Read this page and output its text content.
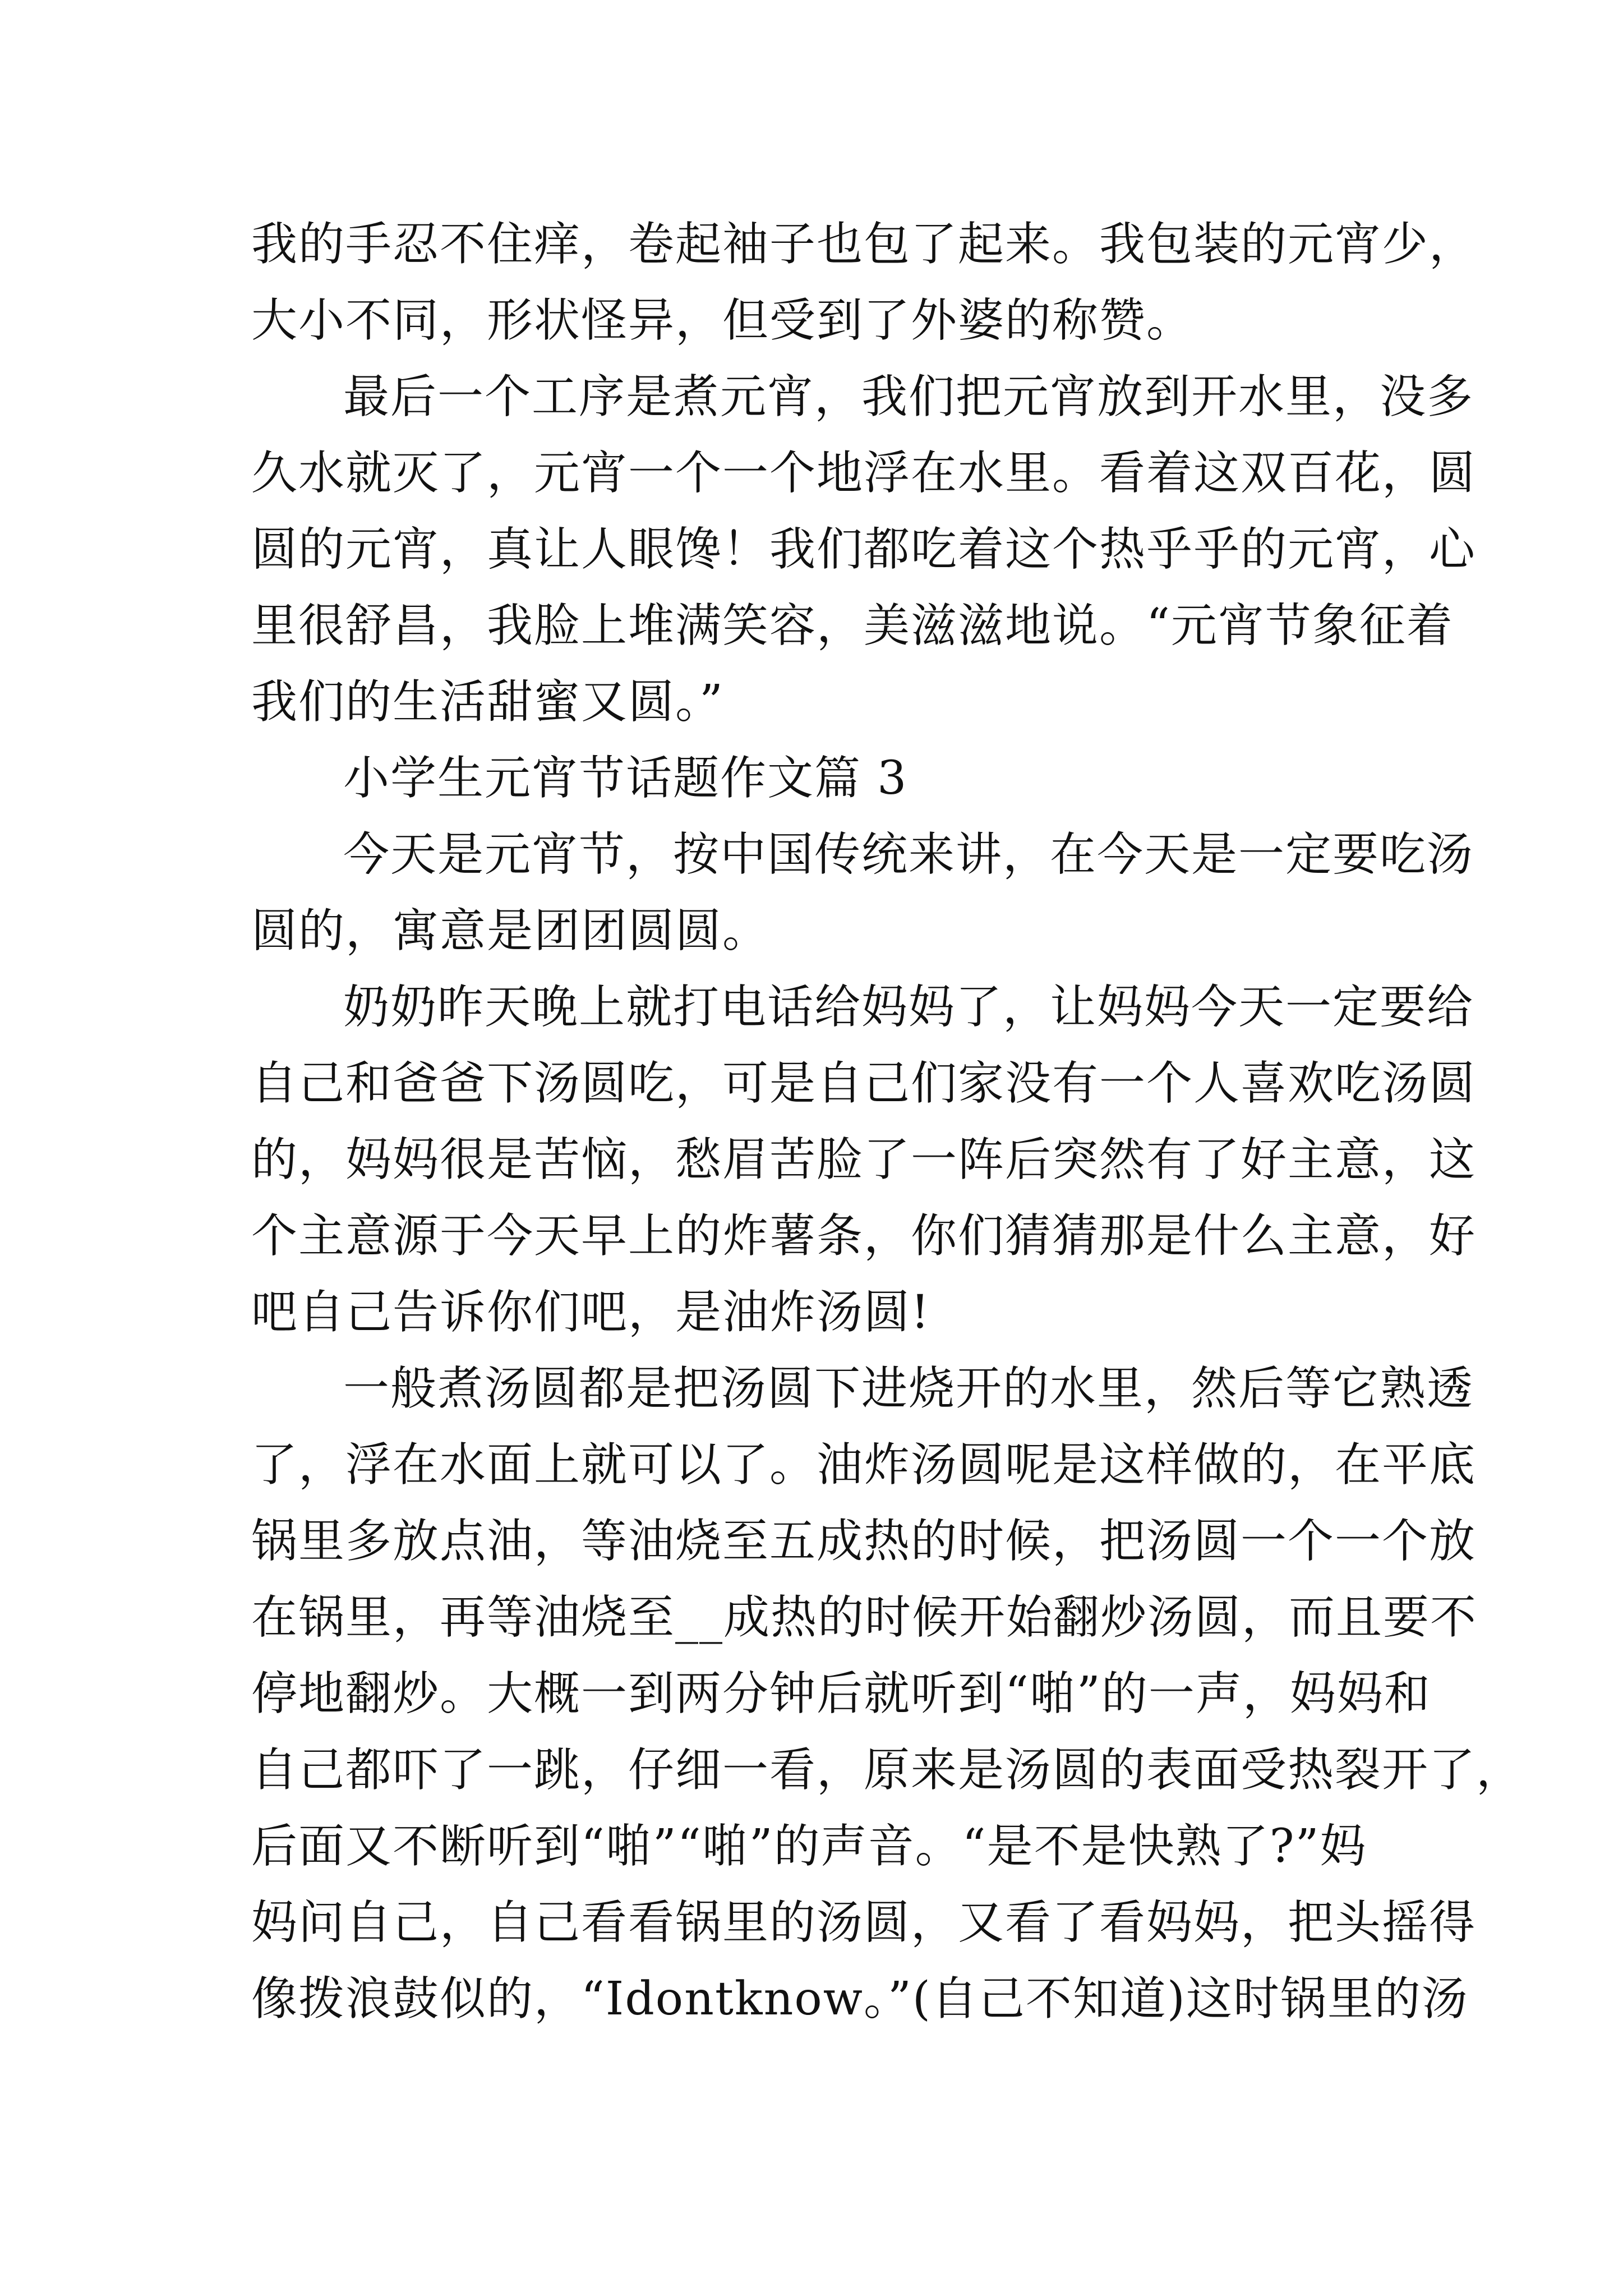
我的手忍不住痒，卷起袖子也包了起来。我包装的元宵少，
大小不同，形状怪异，但受到了外婆的称赞。
最后一个工序是煮元宵，我们把元宵放到开水里，没多
久水就灭了，元宵一个一个地浮在水里。看着这双百花，圆
圆的元宵，真让人眼馋！我们都吃着这个热乎乎的元宵，心
里很舒昌，我脸上堆满笑容，美滋滋地说。“元宵节象征着
我们的生活甜蜜又圆。”
小学生元宵节话题作文篇 3
今天是元宵节，按中国传统来讲，在今天是一定要吃汤
圆的，寓意是团团圆圆。
奶奶昨天晚上就打电话给妈妈了，让妈妈今天一定要给
自己和爸爸下汤圆吃，可是自己们家没有一个人喜欢吃汤圆
的，妈妈很是苦恼，愁眉苦脸了一阵后突然有了好主意，这
个主意源于今天早上的炸薯条，你们猜猜那是什么主意，好
吧自己告诉你们吧，是油炸汤圆!
一般煮汤圆都是把汤圆下进烧开的水里，然后等它熟透
了，浮在水面上就可以了。油炸汤圆呢是这样做的，在平底
锅里多放点油，等油烧至五成热的时候，把汤圆一个一个放
在锅里，再等油烧至__成热的时候开始翻炒汤圆，而且要不
停地翻炒。大概一到两分钟后就听到“啪”的一声，妈妈和
自己都吓了一跳，仔细一看，原来是汤圆的表面受热裂开了，
后面又不断听到“啪”“啪”的声音。“是不是快熟了?”妈
妈问自己，自己看看锅里的汤圆，又看了看妈妈，把头摇得
像拨浪鼓似的，“Idontknow。”(自己不知道)这时锅里的汤
